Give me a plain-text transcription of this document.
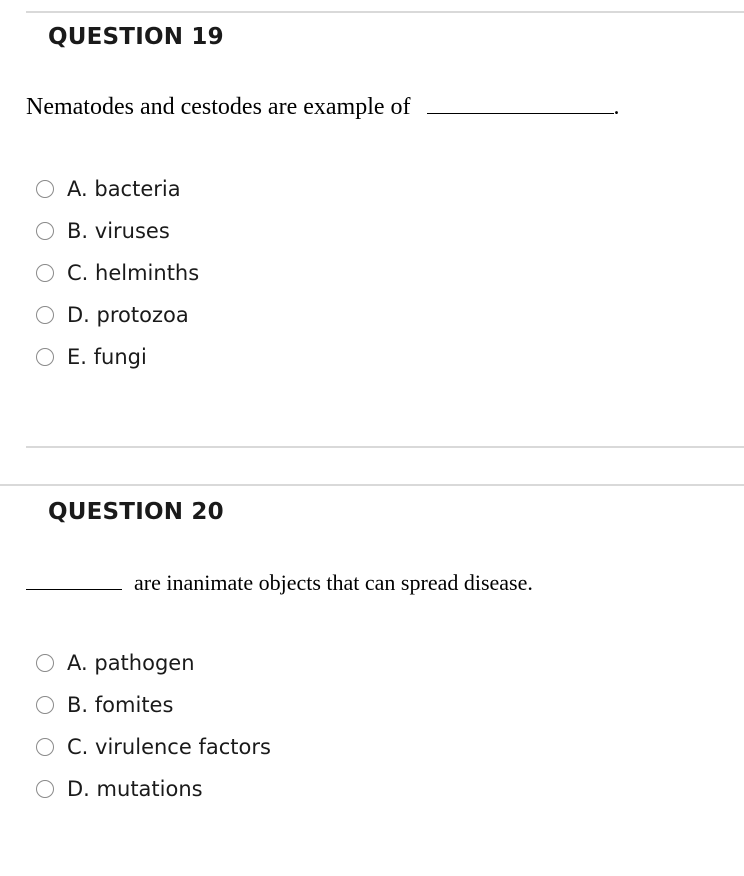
QUESTION 19
Nematodes and cestodes are example of	.
A. bacteria
B. viruses
C. helminths
D. protozoa
E. fungi
QUESTION 20
are inanimate objects that can spread disease.
A. pathogen
B. fomites
C. virulence factors
D. mutations
